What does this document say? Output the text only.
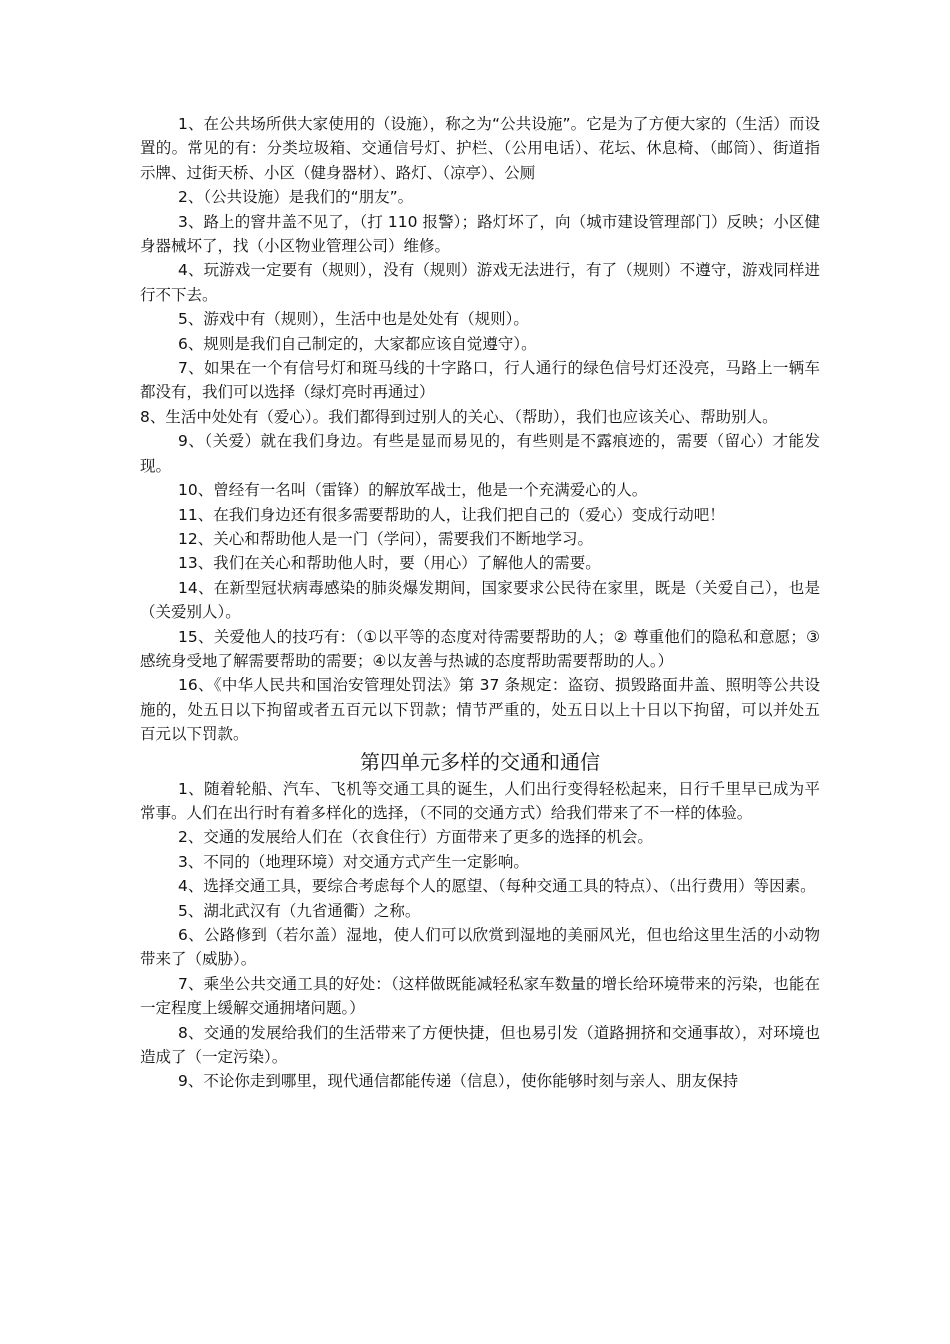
1、在公共场所供大家使用的（设施），称之为“公共设施”。它是为了方便大家的（生活）而设置的。常见的有：分类垃圾箱、交通信号灯、护栏、（公用电话）、花坛、休息椅、（邮筒）、街道指示牌、过街天桥、小区（健身器材）、路灯、（凉亭）、公厕

2、（公共设施）是我们的“朋友”。

3、路上的窨井盖不见了，（打 110 报警）；路灯坏了，向（城市建设管理部门）反映；小区健身器械坏了，找（小区物业管理公司）维修。

4、玩游戏一定要有（规则），没有（规则）游戏无法进行，有了（规则）不遵守，游戏同样进行不下去。

5、游戏中有（规则），生活中也是处处有（规则）。

6、规则是我们自己制定的，大家都应该自觉遵守）。

7、如果在一个有信号灯和斑马线的十字路口，行人通行的绿色信号灯还没亮，马路上一辆车都没有，我们可以选择（绿灯亮时再通过）

8、生活中处处有（爱心）。我们都得到过别人的关心、（帮助），我们也应该关心、帮助别人。

9、（关爱）就在我们身边。有些是显而易见的，有些则是不露痕迹的，需要（留心）才能发现。

10、曾经有一名叫（雷锋）的解放军战士，他是一个充满爱心的人。

11、在我们身边还有很多需要帮助的人，让我们把自己的（爱心）变成行动吧！

12、关心和帮助他人是一门（学问），需要我们不断地学习。

13、我们在关心和帮助他人时，要（用心）了解他人的需要。

14、在新型冠状病毒感染的肺炎爆发期间，国家要求公民待在家里，既是（关爱自己），也是（关爱别人）。

15、关爱他人的技巧有：（①以平等的态度对待需要帮助的人；② 尊重他们的隐私和意愿；③ 感统身受地了解需要帮助的需要；④以友善与热诚的态度帮助需要帮助的人。）

16、《中华人民共和国治安管理处罚法》第 37 条规定：盗窃、损毁路面井盖、照明等公共设施的，处五日以下拘留或者五百元以下罚款；情节严重的，处五日以上十日以下拘留，可以并处五百元以下罚款。

第四单元多样的交通和通信

1、随着轮船、汽车、飞机等交通工具的诞生，人们出行变得轻松起来，日行千里早已成为平常事。人们在出行时有着多样化的选择，（不同的交通方式）给我们带来了不一样的体验。

2、交通的发展给人们在（衣食住行）方面带来了更多的选择的机会。

3、不同的（地理环境）对交通方式产生一定影响。

4、选择交通工具，要综合考虑每个人的愿望、（每种交通工具的特点）、（出行费用）等因素。

5、湖北武汉有（九省通衢）之称。

6、公路修到（若尔盖）湿地，使人们可以欣赏到湿地的美丽风光，但也给这里生活的小动物带来了（威胁）。

7、乘坐公共交通工具的好处：（这样做既能减轻私家车数量的增长给环境带来的污染，也能在一定程度上缓解交通拥堵问题。）

8、交通的发展给我们的生活带来了方便快捷，但也易引发（道路拥挤和交通事故），对环境也造成了（一定污染）。

9、不论你走到哪里，现代通信都能传递（信息），使你能够时刻与亲人、朋友保持
